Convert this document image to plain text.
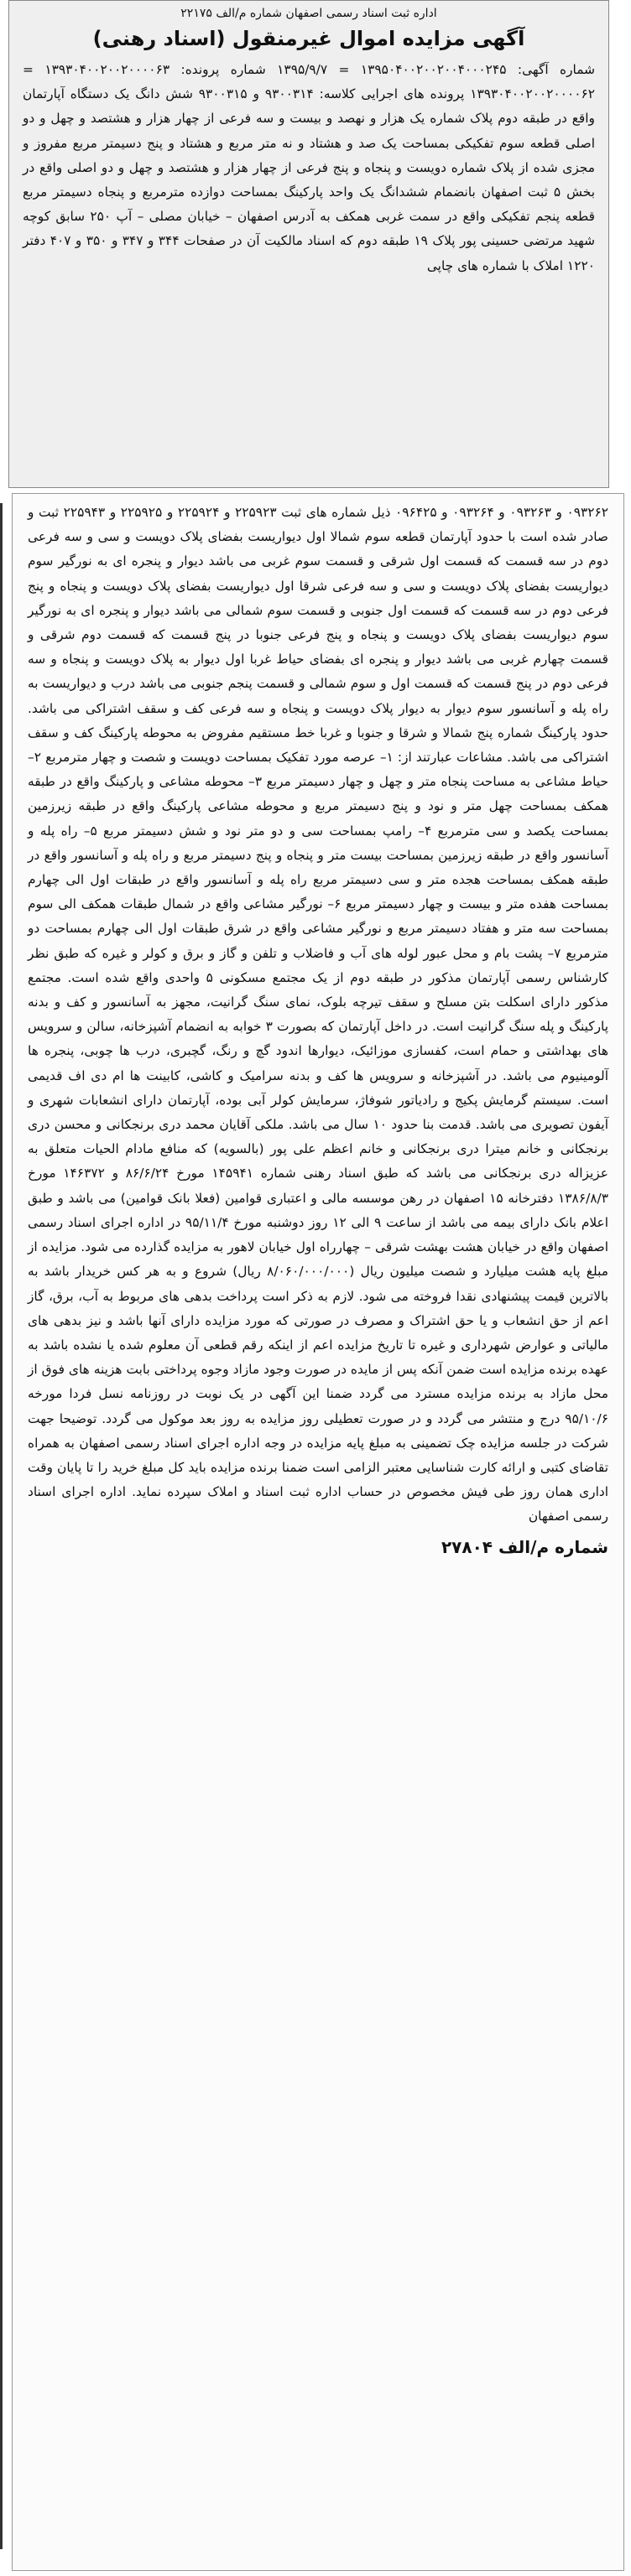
اداره ثبت اسناد رسمی اصفهان شماره م/الف ۲۲۱۷۵

آگهی مزایده اموال غیرمنقول (اسناد رهنی)

شماره آگهی: ۱۳۹۵۰۴۰۰۲۰۰۲۰۰۴۰۰۰۲۴۵ = ۱۳۹۵/۹/۷ شماره پرونده: ۱۳۹۳۰۴۰۰۲۰۰۲۰۰۰۰۶۳ = ۱۳۹۳۰۴۰۰۲۰۰۲۰۰۰۰۶۲ پرونده های اجرایی کلاسه: ۹۳۰۰۳۱۴ و ۹۳۰۰۳۱۵ شش دانگ یک دستگاه آپارتمان واقع در طبقه دوم پلاک شماره یک هزار و نهصد و بیست و سه فرعی از چهار هزار و هشتصد و چهل و دو اصلی قطعه سوم تفکیکی بمساحت یک صد و هشتاد و نه متر مربع و هشتاد و پنج دسیمتر مربع مفروز و مجزی شده از پلاک شماره دویست و پنجاه و پنج فرعی از چهار هزار و هشتصد و چهل و دو اصلی واقع در بخش ۵ ثبت اصفهان بانضمام ششدانگ یک واحد پارکینگ بمساحت دوازده مترمربع و پنجاه دسیمتر مربع قطعه پنجم تفکیکی واقع در سمت غربی همکف به آدرس اصفهان – خیابان مصلی – آپ ۲۵۰ سابق کوچه شهید مرتضی حسینی پور پلاک ۱۹ طبقه دوم که اسناد مالکیت آن در صفحات ۳۴۴ و ۳۴۷ و ۳۵۰ و ۴۰۷ دفتر ۱۲۲۰ املاک با شماره های چاپی

۰۹۳۲۶۲ و ۰۹۳۲۶۳ و ۰۹۳۲۶۴ و ۰۹۶۴۲۵ ذیل شماره های ثبت ۲۲۵۹۲۳ و ۲۲۵۹۲۴ و ۲۲۵۹۲۵ و ۲۲۵۹۴۳ ثبت و صادر شده است با حدود آپارتمان قطعه سوم شمالا اول دیواریست بفضای پلاک دویست و سی و سه فرعی دوم در سه قسمت که قسمت اول شرقی و قسمت سوم غربی می باشد دیوار و پنجره ای به نورگیر سوم دیواریست بفضای پلاک دویست و سی و سه فرعی شرقا اول دیواریست بفضای پلاک دویست و پنجاه و پنج فرعی دوم در سه قسمت که قسمت اول جنوبی و قسمت سوم شمالی می باشد دیوار و پنجره ای به نورگیر سوم دیواریست بفضای پلاک دویست و پنجاه و پنج فرعی جنوبا در پنج قسمت که قسمت دوم شرقی و قسمت چهارم غربی می باشد دیوار و پنجره ای بفضای حیاط غربا اول دیوار به پلاک دویست و پنجاه و سه فرعی دوم در پنج قسمت که قسمت اول و سوم شمالی و قسمت پنجم جنوبی می باشد درب و دیواریست به راه پله و آسانسور سوم دیوار به دیوار پلاک دویست و پنجاه و سه فرعی کف و سقف اشتراکی می باشد. حدود پارکینگ شماره پنج شمالا و شرقا و جنوبا و غربا خط مستقیم مفروض به محوطه پارکینگ کف و سقف اشتراکی می باشد. مشاعات عبارتند از: ۱– عرصه مورد تفکیک بمساحت دویست و شصت و چهار مترمربع ۲– حیاط مشاعی به مساحت پنجاه متر و چهل و چهار دسیمتر مربع ۳– محوطه مشاعی و پارکینگ واقع در طبقه همکف بمساحت چهل متر و نود و پنج دسیمتر مربع و محوطه مشاعی پارکینگ واقع در طبقه زیرزمین بمساحت یکصد و سی مترمربع ۴– رامپ بمساحت سی و دو متر نود و شش دسیمتر مربع ۵– راه پله و آسانسور واقع در طبقه زیرزمین بمساحت بیست متر و پنجاه و پنج دسیمتر مربع و راه پله و آسانسور واقع در طبقه همکف بمساحت هجده متر و سی دسیمتر مربع راه پله و آسانسور واقع در طبقات اول الی چهارم بمساحت هفده متر و بیست و چهار دسیمتر مربع ۶– نورگیر مشاعی واقع در شمال طبقات همکف الی سوم بمساحت سه متر و هفتاد دسیمتر مربع و نورگیر مشاعی واقع در شرق طبقات اول الی چهارم بمساحت دو مترمربع ۷– پشت بام و محل عبور لوله های آب و فاضلاب و تلفن و گاز و برق و کولر و غیره که طبق نظر کارشناس رسمی آپارتمان مذکور در طبقه دوم از یک مجتمع مسکونی ۵ واحدی واقع شده است. مجتمع مذکور دارای اسکلت بتن مسلح و سقف تیرچه بلوک، نمای سنگ گرانیت، مجهز به آسانسور و کف و بدنه پارکینگ و پله سنگ گرانیت است. در داخل آپارتمان که بصورت ۳ خوابه به انضمام آشپزخانه، سالن و سرویس های بهداشتی و حمام است، کفسازی موزائیک، دیوارها اندود گچ و رنگ، گچبری، درب ها چوبی، پنجره ها آلومینیوم می باشد. در آشپزخانه و سرویس ها کف و بدنه سرامیک و کاشی، کابینت ها ام دی اف قدیمی است. سیستم گرمایش پکیج و رادیاتور شوفاژ، سرمایش کولر آبی بوده، آپارتمان دارای انشعابات شهری و آیفون تصویری می باشد. قدمت بنا حدود ۱۰ سال می باشد. ملکی آقایان محمد دری برنجکانی و محسن دری برنجکانی و خانم میترا دری برنجکانی و خانم اعظم علی پور (بالسویه) که منافع مادام الحیات متعلق به عزیزاله دری برنجکانی می باشد که طبق اسناد رهنی شماره ۱۴۵۹۴۱ مورخ ۸۶/۶/۲۴ و ۱۴۶۳۷۲ مورخ ۱۳۸۶/۸/۳ دفترخانه ۱۵ اصفهان در رهن موسسه مالی و اعتباری قوامین (فعلا بانک قوامین) می باشد و طبق اعلام بانک دارای بیمه می باشد از ساعت ۹ الی ۱۲ روز دوشنبه مورخ ۹۵/۱۱/۴ در اداره اجرای اسناد رسمی اصفهان واقع در خیابان هشت بهشت شرقی – چهارراه اول خیابان لاهور به مزایده گذارده می شود. مزایده از مبلغ پایه هشت میلیارد و شصت میلیون ریال (۸/۰۶۰/۰۰۰/۰۰۰ ریال) شروع و به هر کس خریدار باشد به بالاترین قیمت پیشنهادی نقدا فروخته می شود. لازم به ذکر است پرداخت بدهی های مربوط به آب، برق، گاز اعم از حق انشعاب و یا حق اشتراک و مصرف در صورتی که مورد مزایده دارای آنها باشد و نیز بدهی های مالیاتی و عوارض شهرداری و غیره تا تاریخ مزایده اعم از اینکه رقم قطعی آن معلوم شده یا نشده باشد به عهده برنده مزایده است ضمن آنکه پس از مایده در صورت وجود مازاد وجوه پرداختی بابت هزینه های فوق از محل مازاد به برنده مزایده مسترد می گردد ضمنا این آگهی در یک نوبت در روزنامه نسل فردا مورخه ۹۵/۱۰/۶ درج و منتشر می گردد و در صورت تعطیلی روز مزایده به روز بعد موکول می گردد. توضیحا جهت شرکت در جلسه مزایده چک تضمینی به مبلغ پایه مزایده در وجه اداره اجرای اسناد رسمی اصفهان به همراه تقاضای کتبی و ارائه کارت شناسایی معتبر الزامی است ضمنا برنده مزایده باید کل مبلغ خرید را تا پایان وقت اداری همان روز طی فیش مخصوص در حساب اداره ثبت اسناد و املاک سپرده نماید. اداره اجرای اسناد رسمی اصفهان

شماره م/الف ۲۷۸۰۴
